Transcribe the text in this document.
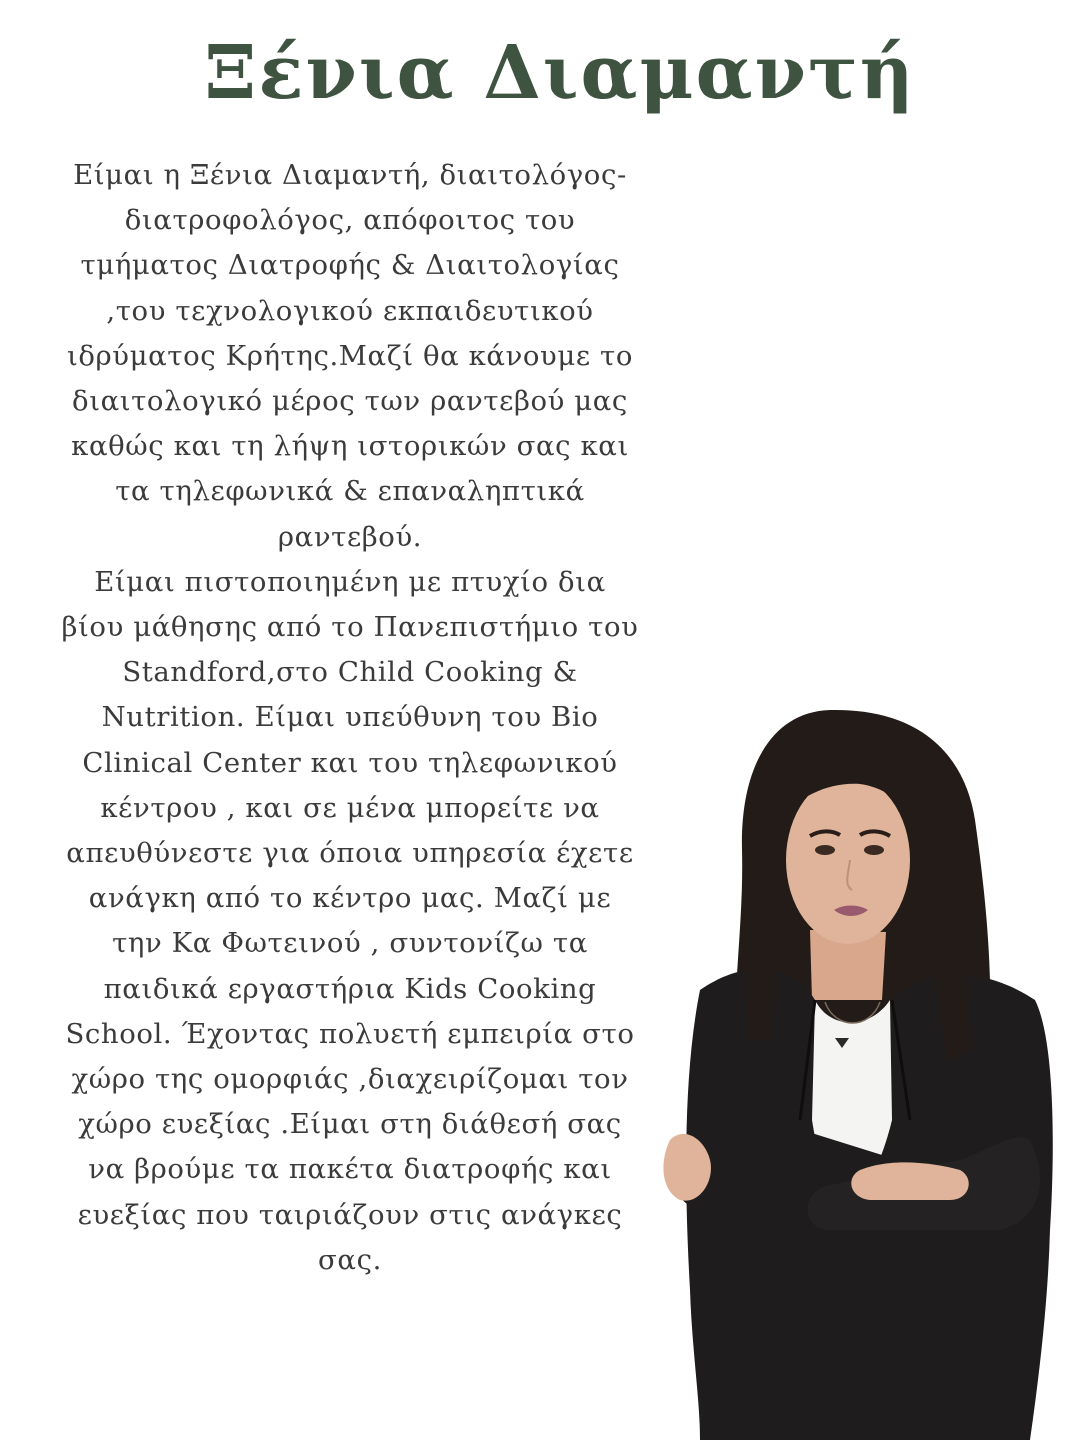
Ξένια Διαμαντή

Είμαι η Ξένια Διαμαντή, διαιτολόγος-
διατροφολόγος, απόφοιτος του
τμήματος Διατροφής & Διαιτολογίας
,του τεχνολογικού εκπαιδευτικού
ιδρύματος Κρήτης.Μαζί θα κάνουμε το
διαιτολογικό μέρος των ραντεβού μας
καθώς και τη λήψη ιστορικών σας και
τα τηλεφωνικά & επαναληπτικά
ραντεβού.
Είμαι πιστοποιημένη με πτυχίο δια
βίου μάθησης από το Πανεπιστήμιο του
Standford,στο Child Cooking &
Nutrition. Είμαι υπεύθυνη του Bio
Clinical Center και του τηλεφωνικού
κέντρου , και σε μένα μπορείτε να
απευθύνεστε για όποια υπηρεσία έχετε
ανάγκη από το κέντρο μας. Μαζί με
την Κα Φωτεινού , συντονίζω τα
παιδικά εργαστήρια Kids Cooking
School. Έχοντας πολυετή εμπειρία στο
χώρο της ομορφιάς ,διαχειρίζομαι τον
χώρο ευεξίας .Είμαι στη διάθεσή σας
να βρούμε τα πακέτα διατροφής και
ευεξίας που ταιριάζουν στις ανάγκες
σας.
